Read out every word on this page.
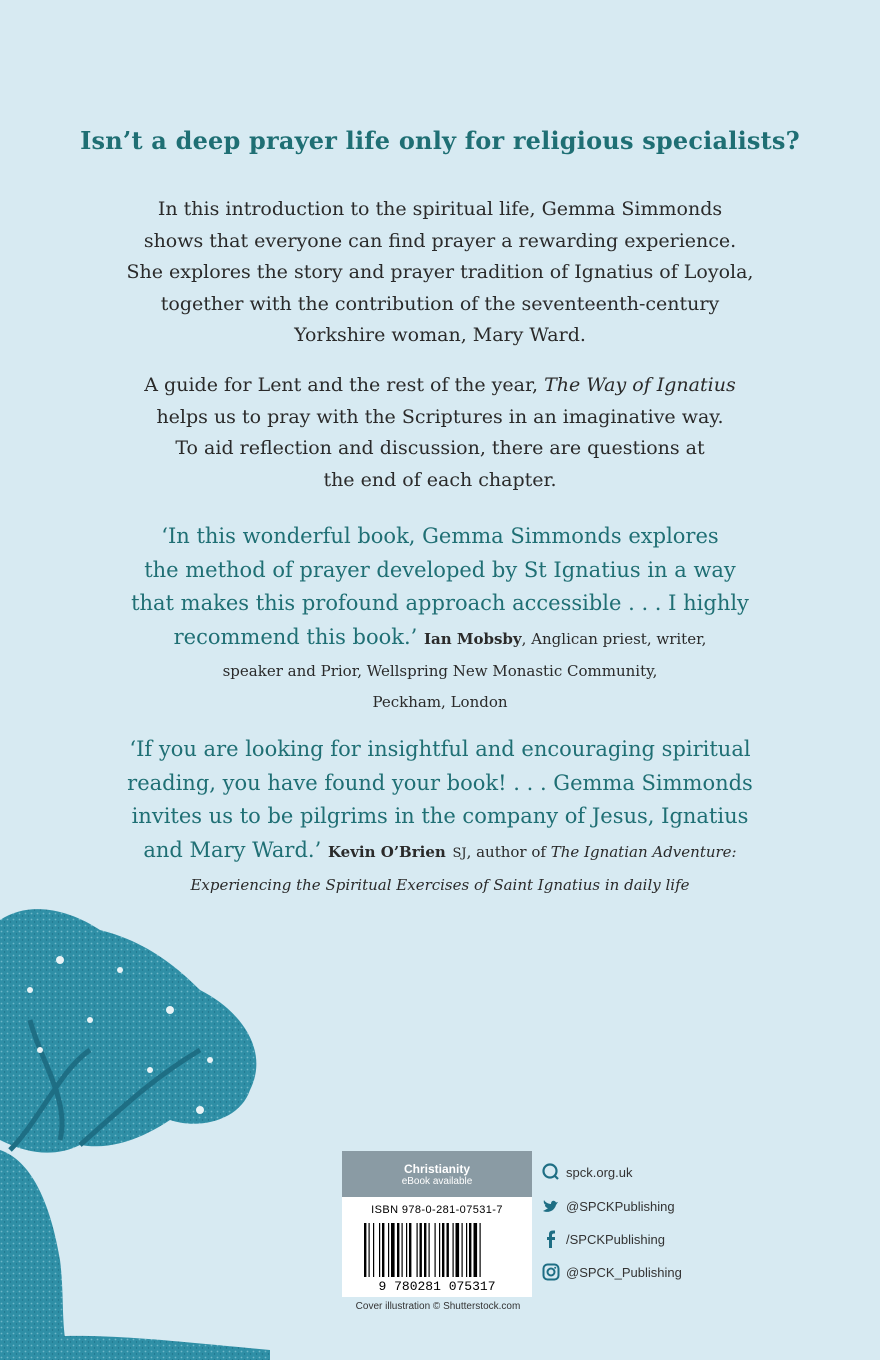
Isn’t a deep prayer life only for religious specialists?
In this introduction to the spiritual life, Gemma Simmonds
shows that everyone can find prayer a rewarding experience.
She explores the story and prayer tradition of Ignatius of Loyola,
together with the contribution of the seventeenth-century
Yorkshire woman, Mary Ward.
A guide for Lent and the rest of the year, The Way of Ignatius
helps us to pray with the Scriptures in an imaginative way.
To aid reflection and discussion, there are questions at
the end of each chapter.
‘In this wonderful book, Gemma Simmonds explores
the method of prayer developed by St Ignatius in a way
that makes this profound approach accessible . . . I highly
recommend this book.’ Ian Mobsby, Anglican priest, writer,
speaker and Prior, Wellspring New Monastic Community,
Peckham, London
‘If you are looking for insightful and encouraging spiritual
reading, you have found your book! . . . Gemma Simmonds
invites us to be pilgrims in the company of Jesus, Ignatius
and Mary Ward.’ Kevin O’Brien SJ, author of The Ignatian Adventure:
Experiencing the Spiritual Exercises of Saint Ignatius in daily life
Christianity
eBook available
ISBN 978-0-281-07531-7
9 780281 075317
Cover illustration © Shutterstock.com
spck.org.uk
@SPCKPublishing
/SPCKPublishing
@SPCK_Publishing
